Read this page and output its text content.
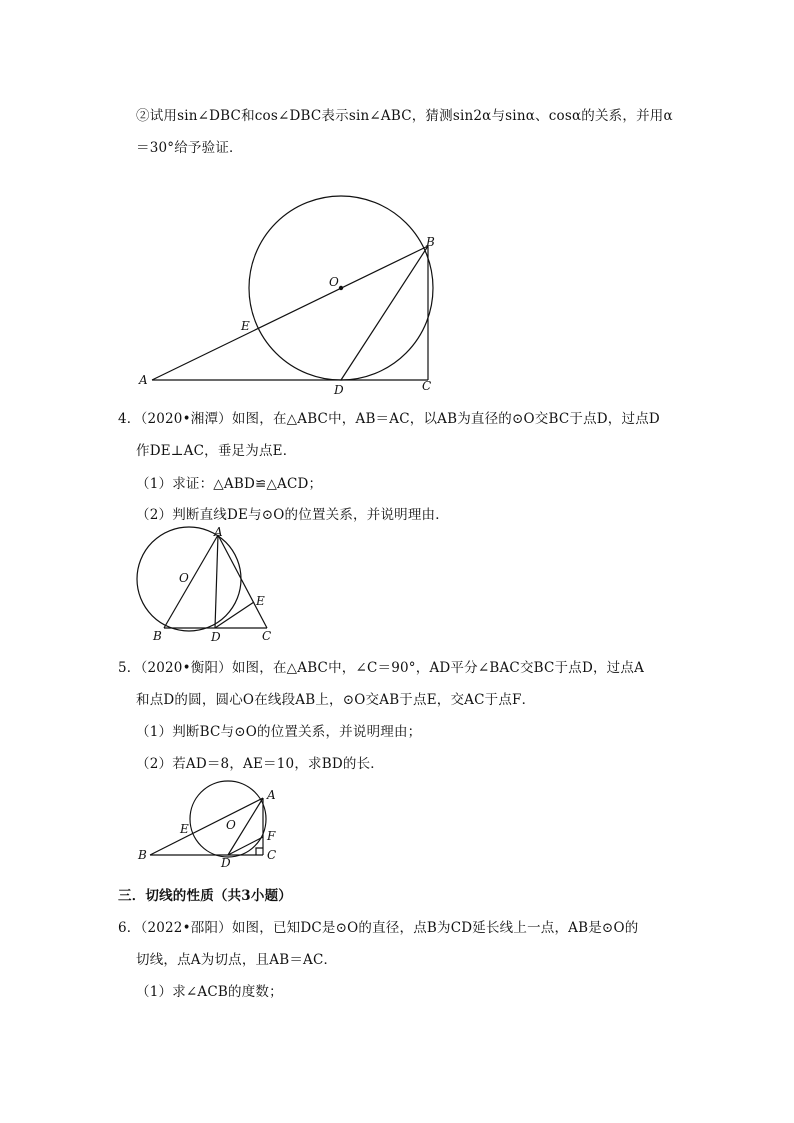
②试用sin∠DBC和cos∠DBC表示sin∠ABC，猜测sin2α与sinα、cosα的关系，并用α
＝30°给予验证．
O
B
E
A
D	C
4．（2020•湘潭）如图，在△ABC中，AB＝AC，以AB为直径的⊙O交BC于点D，过点D
作DE⊥AC，垂足为点E．
（1）求证：△ABD≌△ACD；
（2）判断直线DE与⊙O的位置关系，并说明理由．
A
O
E
B	D	C
5．（2020•衡阳）如图，在△ABC中，∠C＝90°，AD平分∠BAC交BC于点D，过点A
和点D的圆，圆心O在线段AB上，⊙O交AB于点E，交AC于点F．
（1）判断BC与⊙O的位置关系，并说明理由；
（2）若AD＝8，AE＝10，求BD的长．
A
E	O
F
B
D
C
三．切线的性质（共3小题）
6．（2022•邵阳）如图，已知DC是⊙O的直径，点B为CD延长线上一点，AB是⊙O的
切线，点A为切点，且AB＝AC．
（1）求∠ACB的度数；
